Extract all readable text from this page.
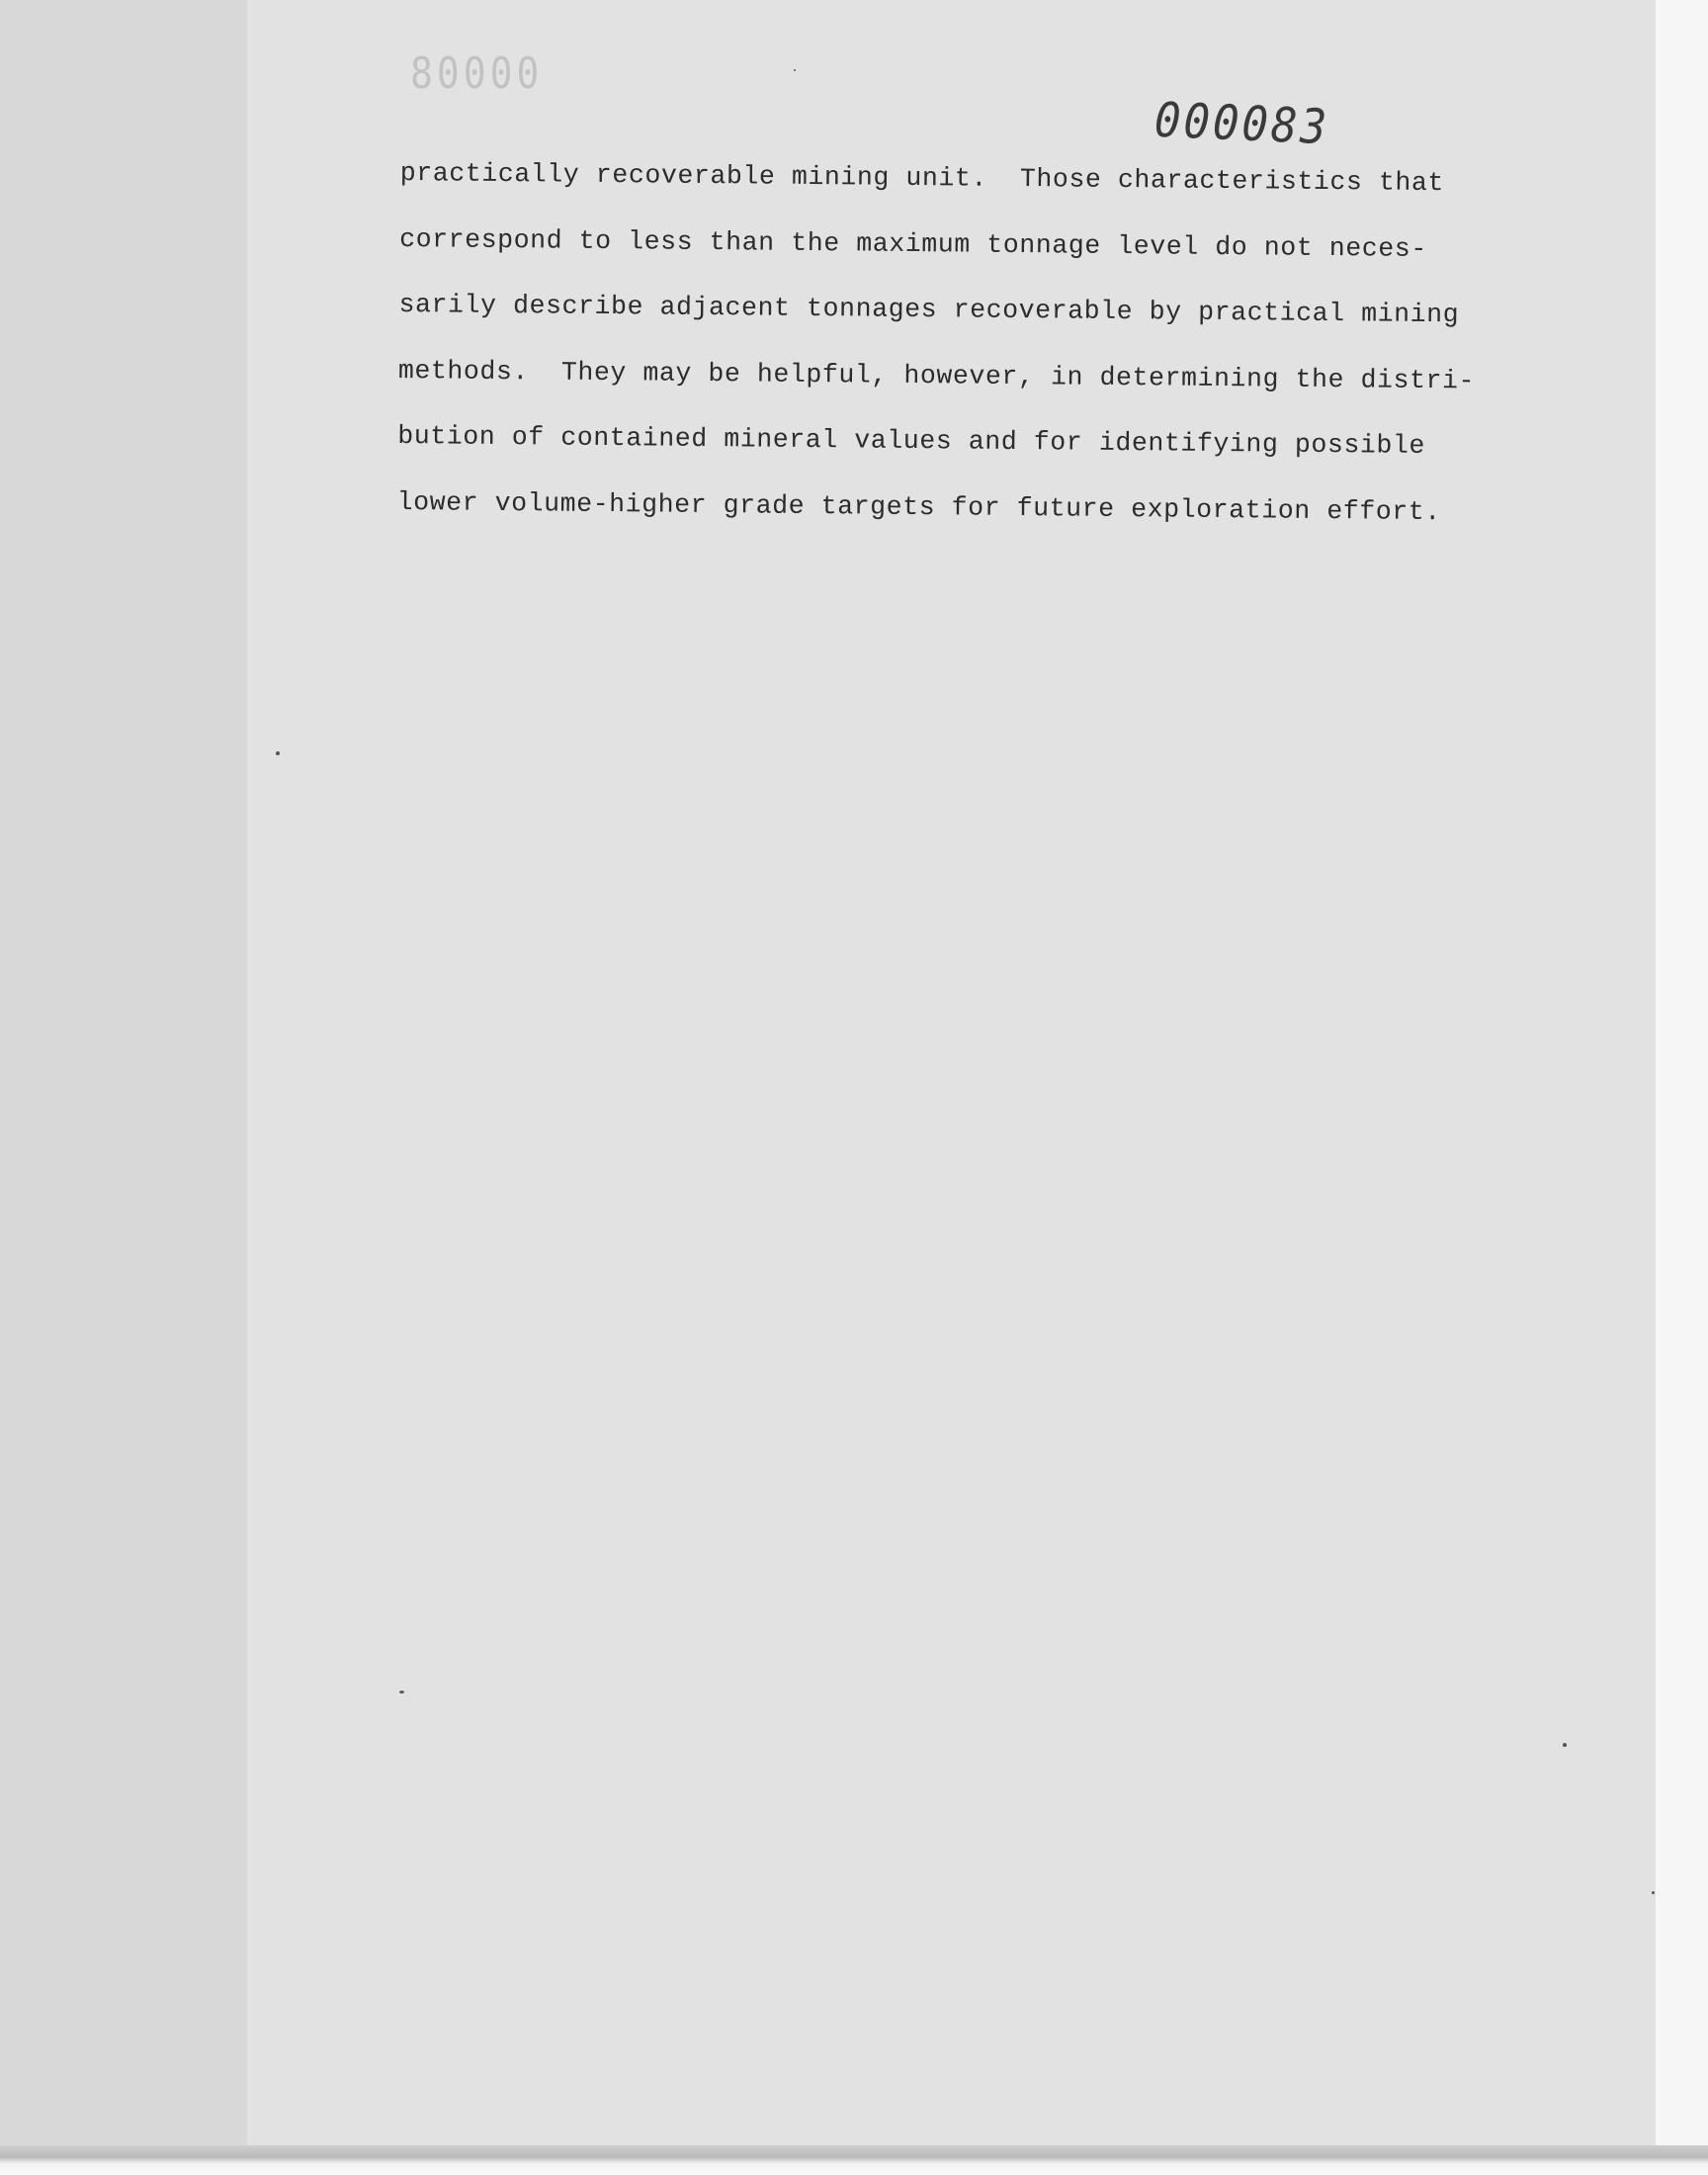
80000
000083
practically recoverable mining unit.  Those characteristics that
correspond to less than the maximum tonnage level do not neces-
sarily describe adjacent tonnages recoverable by practical mining
methods.  They may be helpful, however, in determining the distri-
bution of contained mineral values and for identifying possible
lower volume-higher grade targets for future exploration effort.
